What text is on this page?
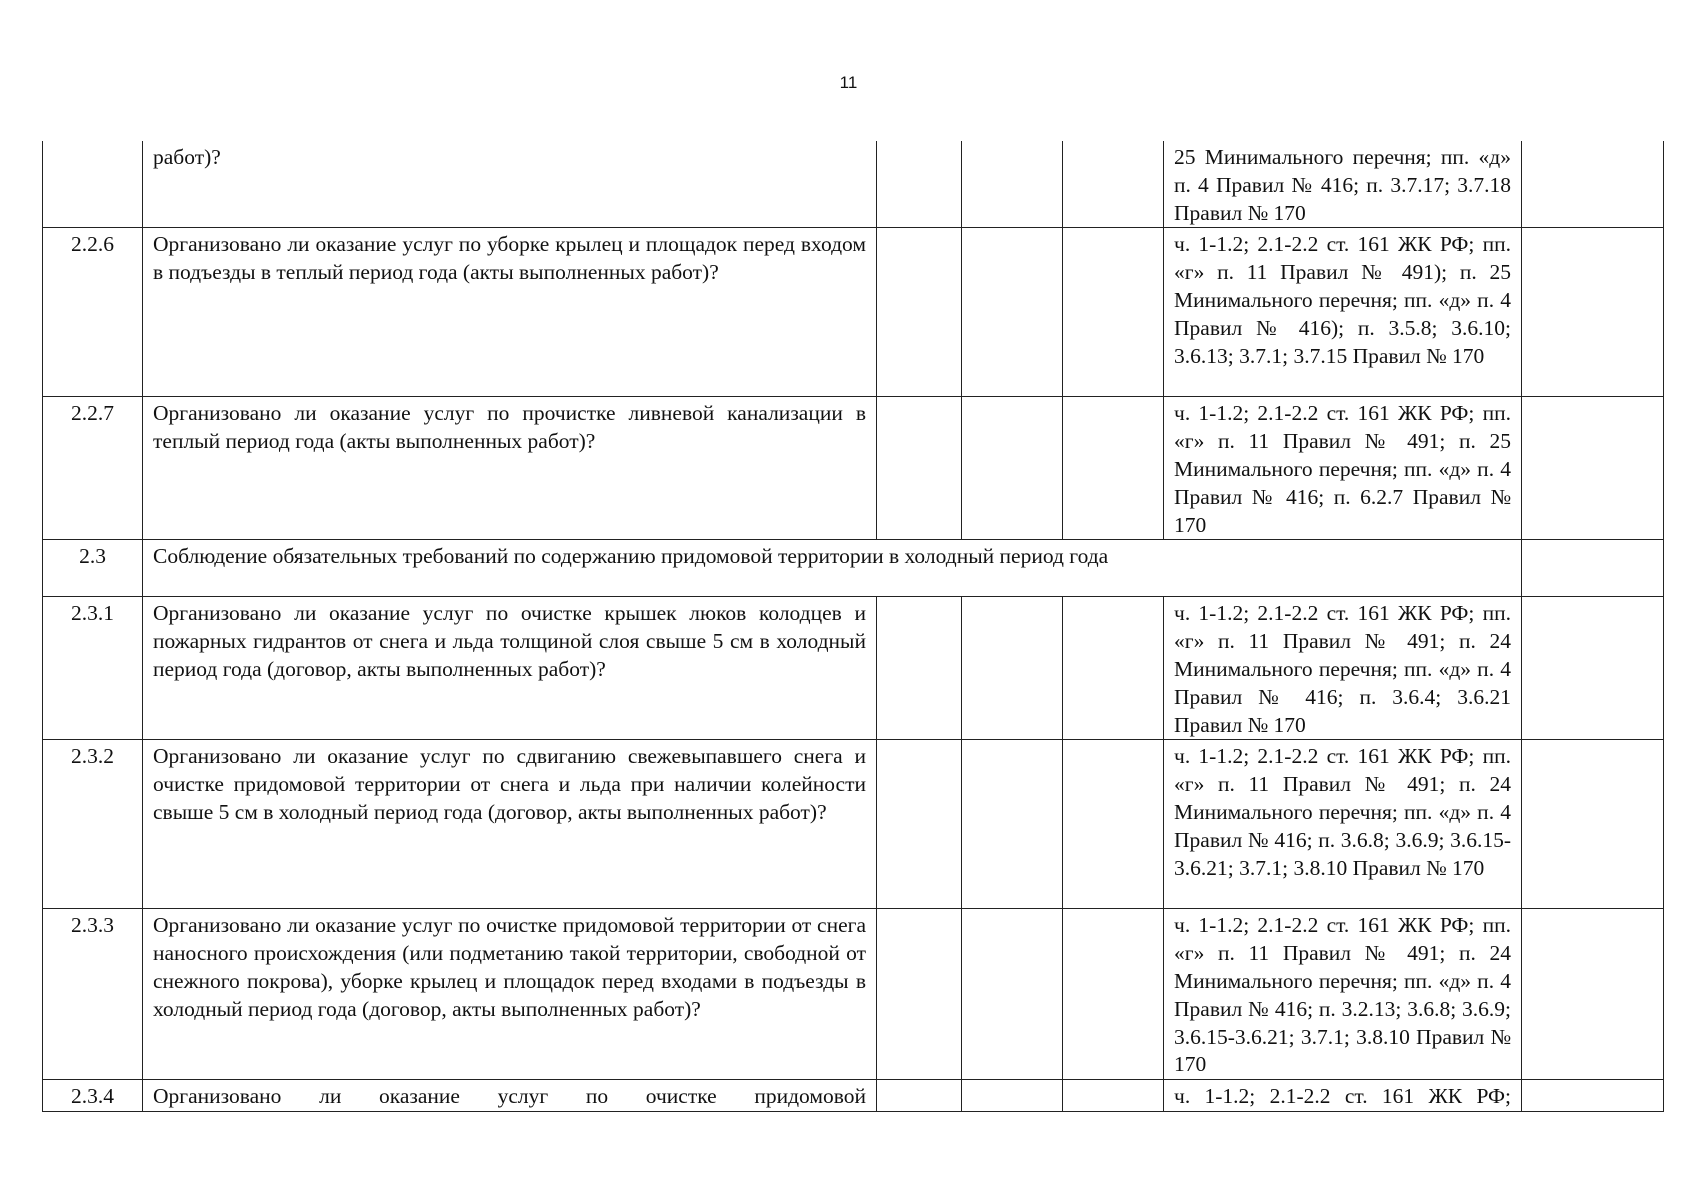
11
	работ)?				25 Минимального перечня; пп. «д» п. 4 Правил № 416; п. 3.7.17; 3.7.18 Правил № 170	
2.2.6	Организовано ли оказание услуг по уборке крылец и площадок перед входом в подъезды в теплый период года (акты выполненных работ)?				ч. 1-1.2; 2.1-2.2 ст. 161 ЖК РФ; пп. «г» п. 11 Правил № 491); п. 25 Минимального перечня; пп. «д» п. 4 Правил № 416); п. 3.5.8; 3.6.10; 3.6.13; 3.7.1; 3.7.15 Правил № 170	
2.2.7	Организовано ли оказание услуг по прочистке ливневой канализации в теплый период года (акты выполненных работ)?				ч. 1-1.2; 2.1-2.2 ст. 161 ЖК РФ; пп. «г» п. 11 Правил № 491; п. 25 Минимального перечня; пп. «д» п. 4 Правил № 416; п. 6.2.7 Правил № 170	
2.3	Соблюдение обязательных требований по содержанию придомовой территории в холодный период года					
2.3.1	Организовано ли оказание услуг по очистке крышек люков колодцев и пожарных гидрантов от снега и льда толщиной слоя свыше 5 см в холодный период года (договор, акты выполненных работ)?				ч. 1-1.2; 2.1-2.2 ст. 161 ЖК РФ; пп. «г» п. 11 Правил № 491; п. 24 Минимального перечня; пп. «д» п. 4 Правил № 416; п. 3.6.4; 3.6.21 Правил № 170	
2.3.2	Организовано ли оказание услуг по сдвиганию свежевыпавшего снега и очистке придомовой территории от снега и льда при наличии колейности свыше 5 см в холодный период года (договор, акты выполненных работ)?				ч. 1-1.2; 2.1-2.2 ст. 161 ЖК РФ; пп. «г» п. 11 Правил № 491; п. 24 Минимального перечня; пп. «д» п. 4 Правил № 416; п. 3.6.8; 3.6.9; 3.6.15-3.6.21; 3.7.1; 3.8.10 Правил № 170	
2.3.3	Организовано ли оказание услуг по очистке придомовой территории от снега наносного происхождения (или подметанию такой территории, свободной от снежного покрова), уборке крылец и площадок перед входами в подъезды в холодный период года (договор, акты выполненных работ)?				ч. 1-1.2; 2.1-2.2 ст. 161 ЖК РФ; пп. «г» п. 11 Правил № 491; п. 24 Минимального перечня; пп. «д» п. 4 Правил № 416; п. 3.2.13; 3.6.8; 3.6.9; 3.6.15-3.6.21; 3.7.1; 3.8.10 Правил № 170	
2.3.4	Организовано ли оказание услуг по очистке придомовой				ч. 1-1.2; 2.1-2.2 ст. 161 ЖК РФ;	
